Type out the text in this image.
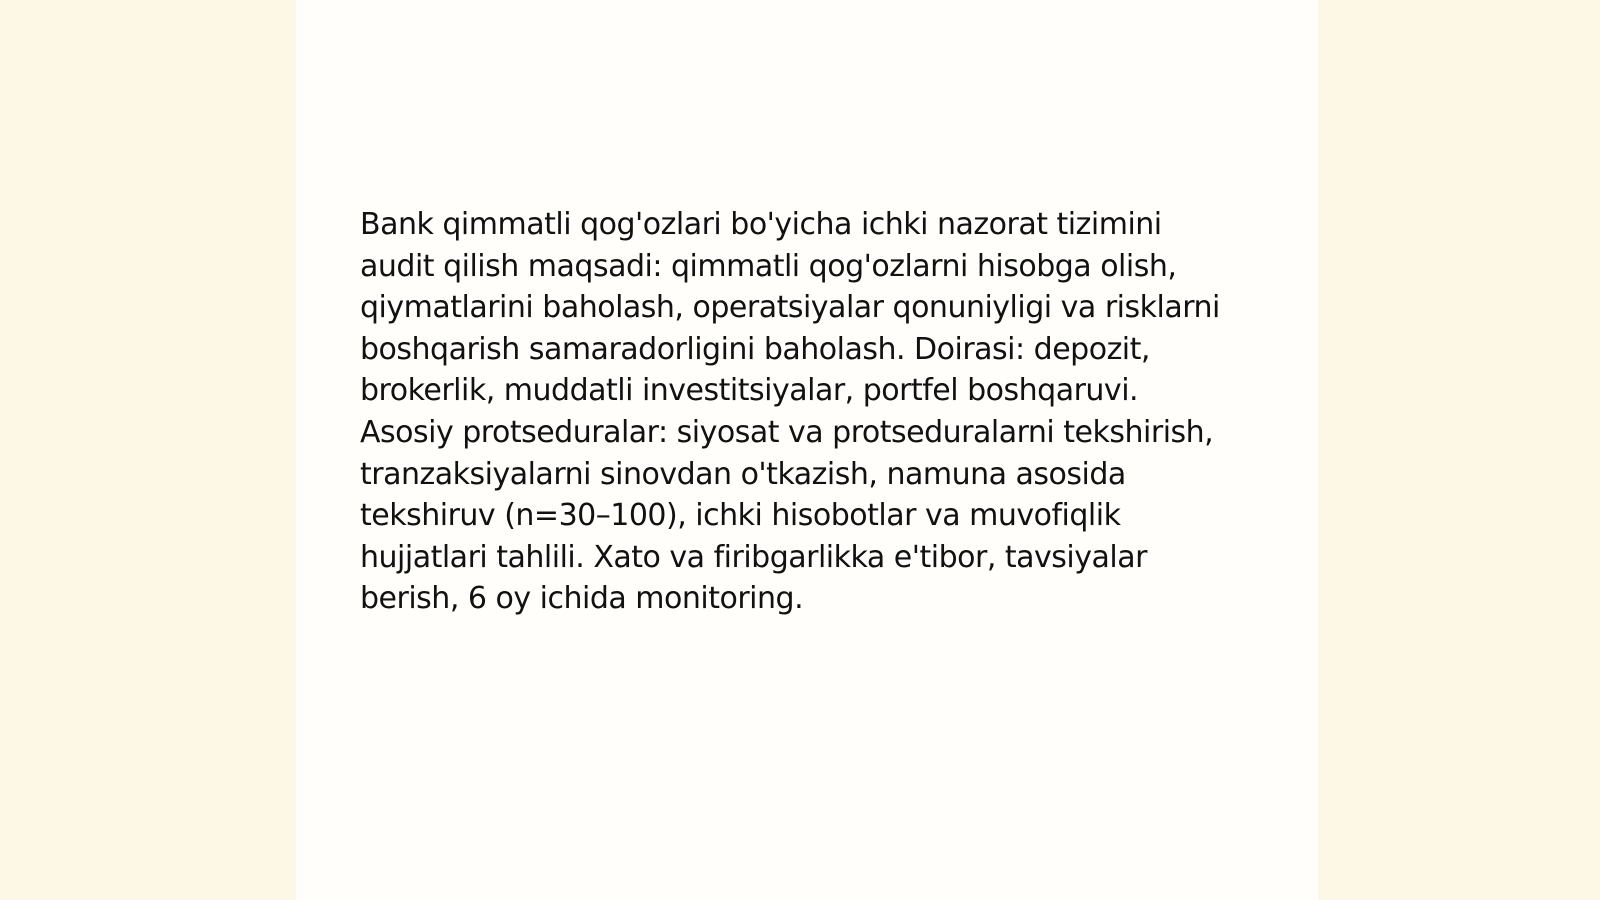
Bank qimmatli qog'ozlari bo'yicha ichki nazorat tizimini audit qilish maqsadi: qimmatli qog'ozlarni hisobga olish, qiymatlarini baholash, operatsiyalar qonuniyligi va risklarni boshqarish samaradorligini baholash. Doirasi: depozit, brokerlik, muddatli investitsiyalar, portfel boshqaruvi. Asosiy protseduralar: siyosat va protseduralarni tekshirish, tranzaksiyalarni sinovdan o'tkazish, namuna asosida tekshiruv (n=30–100), ichki hisobotlar va muvofiqlik hujjatlari tahlili. Xato va firibgarlikka e'tibor, tavsiyalar berish, 6 oy ichida monitoring.
